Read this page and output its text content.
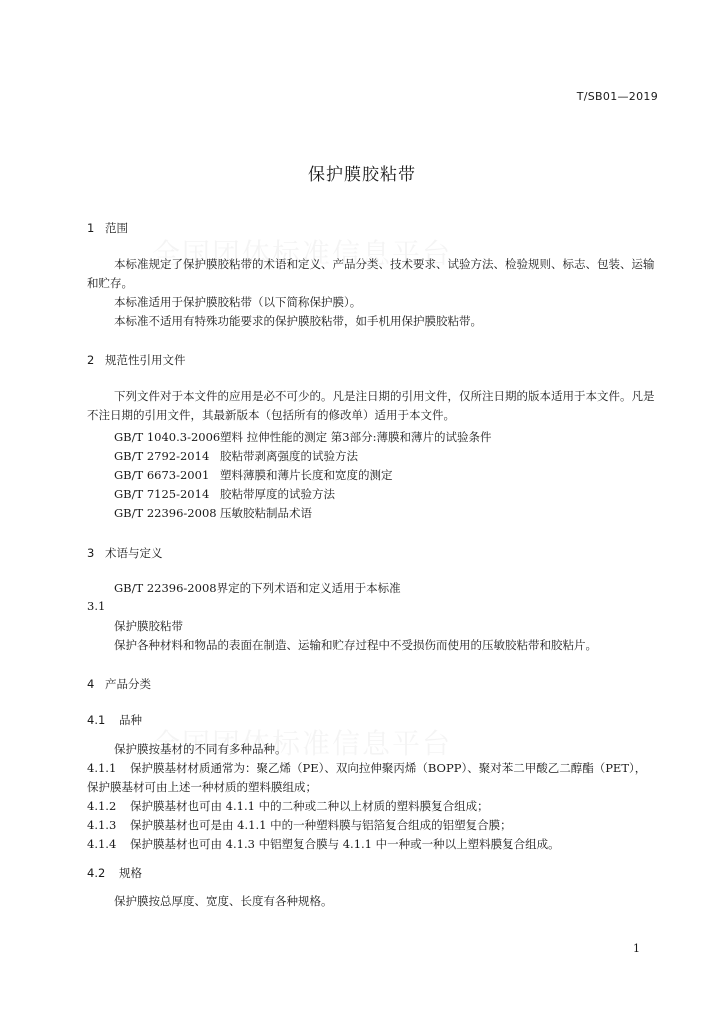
T/SB01—2019
保护膜胶粘带
1 范围
本标准规定了保护膜胶粘带的术语和定义、产品分类、技术要求、试验方法、检验规则、标志、包装、运输和贮存。
本标准适用于保护膜胶粘带（以下简称保护膜）。
本标准不适用有特殊功能要求的保护膜胶粘带，如手机用保护膜胶粘带。
2 规范性引用文件
下列文件对于本文件的应用是必不可少的。凡是注日期的引用文件，仅所注日期的版本适用于本文件。凡是不注日期的引用文件，其最新版本（包括所有的修改单）适用于本文件。
GB/T 1040.3-2006塑料 拉伸性能的测定 第3部分:薄膜和薄片的试验条件
GB/T 2792-2014 胶粘带剥离强度的试验方法
GB/T 6673-2001 塑料薄膜和薄片长度和宽度的测定
GB/T 7125-2014 胶粘带厚度的试验方法
GB/T 22396-2008 压敏胶粘制品术语
3 术语与定义
GB/T 22396-2008界定的下列术语和定义适用于本标准
3.1
保护膜胶粘带
保护各种材料和物品的表面在制造、运输和贮存过程中不受损伤而使用的压敏胶粘带和胶粘片。
4 产品分类
4.1 品种
保护膜按基材的不同有多种品种。
4.1.1 保护膜基材材质通常为：聚乙烯（PE）、双向拉伸聚丙烯（BOPP）、聚对苯二甲酸乙二醇酯（PET），
保护膜基材可由上述一种材质的塑料膜组成；
4.1.2 保护膜基材也可由 4.1.1 中的二种或二种以上材质的塑料膜复合组成；
4.1.3 保护膜基材也可是由 4.1.1 中的一种塑料膜与铝箔复合组成的铝塑复合膜；
4.1.4 保护膜基材也可由 4.1.3 中铝塑复合膜与 4.1.1 中一种或一种以上塑料膜复合组成。
4.2 规格
保护膜按总厚度、宽度、长度有各种规格。
1
